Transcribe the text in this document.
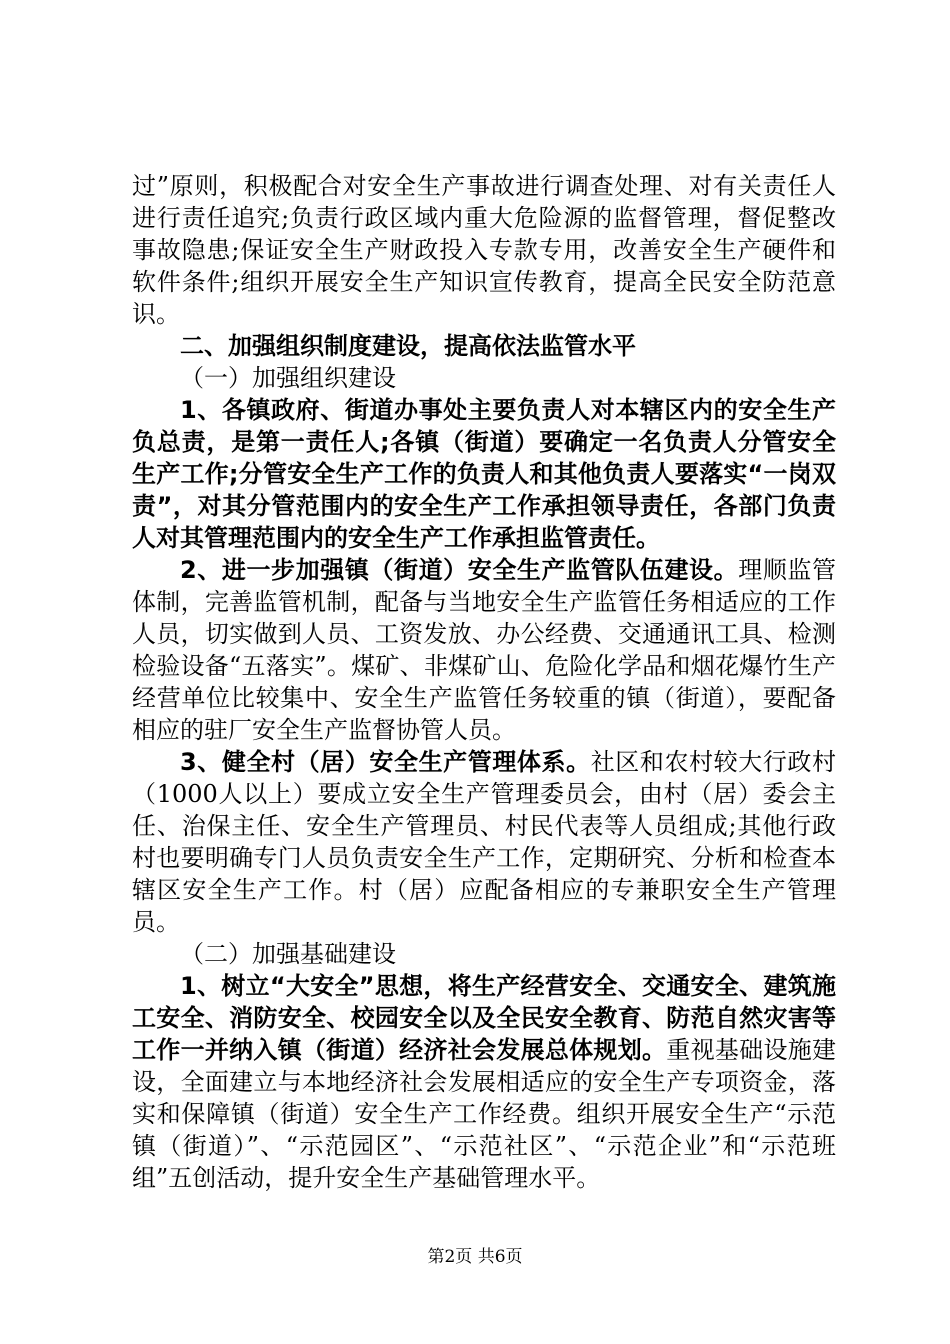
过”原则，积极配合对安全生产事故进行调查处理、对有关责任人进行责任追究;负责行政区域内重大危险源的监督管理，督促整改事故隐患;保证安全生产财政投入专款专用，改善安全生产硬件和软件条件;组织开展安全生产知识宣传教育，提高全民安全防范意识。

二、加强组织制度建设，提高依法监管水平

（一）加强组织建设

1、各镇政府、街道办事处主要负责人对本辖区内的安全生产负总责，是第一责任人;各镇（街道）要确定一名负责人分管安全生产工作;分管安全生产工作的负责人和其他负责人要落实“一岗双责”，对其分管范围内的安全生产工作承担领导责任，各部门负责人对其管理范围内的安全生产工作承担监管责任。

2、进一步加强镇（街道）安全生产监管队伍建设。理顺监管体制，完善监管机制，配备与当地安全生产监管任务相适应的工作人员，切实做到人员、工资发放、办公经费、交通通讯工具、检测检验设备“五落实”。煤矿、非煤矿山、危险化学品和烟花爆竹生产经营单位比较集中、安全生产监管任务较重的镇（街道），要配备相应的驻厂安全生产监督协管人员。

3、健全村（居）安全生产管理体系。社区和农村较大行政村（1000人以上）要成立安全生产管理委员会，由村（居）委会主任、治保主任、安全生产管理员、村民代表等人员组成;其他行政村也要明确专门人员负责安全生产工作，定期研究、分析和检查本辖区安全生产工作。村（居）应配备相应的专兼职安全生产管理员。

（二）加强基础建设

1、树立“大安全”思想，将生产经营安全、交通安全、建筑施工安全、消防安全、校园安全以及全民安全教育、防范自然灾害等工作一并纳入镇（街道）经济社会发展总体规划。重视基础设施建设，全面建立与本地经济社会发展相适应的安全生产专项资金，落实和保障镇（街道）安全生产工作经费。组织开展安全生产“示范镇（街道）”、“示范园区”、“示范社区”、“示范企业”和“示范班组”五创活动，提升安全生产基础管理水平。

第2页 共6页
